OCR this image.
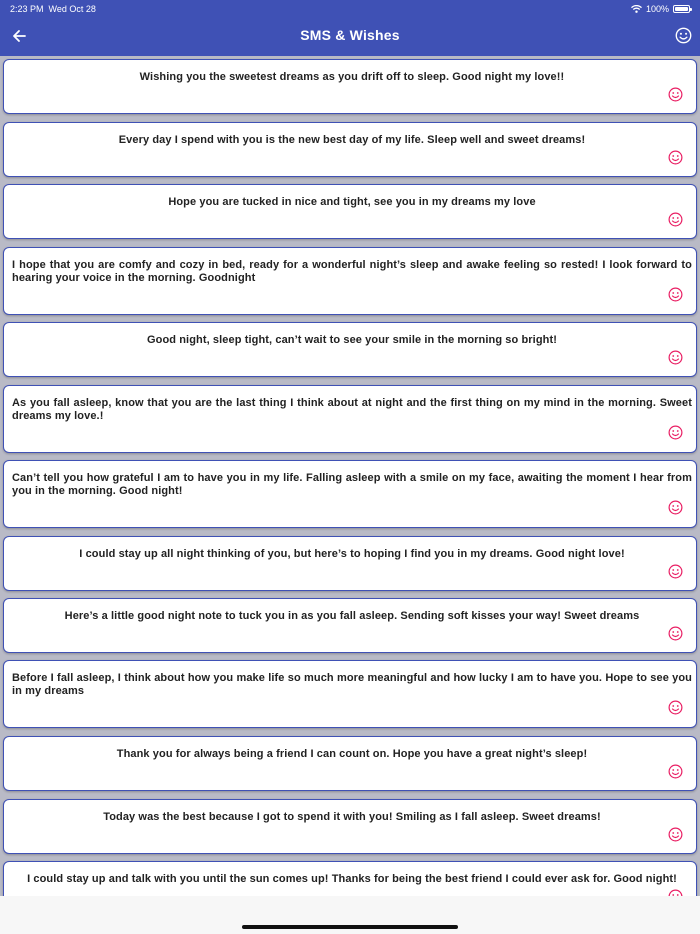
2:23 PM Wed Oct 28	100%
SMS & Wishes
Wishing you the sweetest dreams as you drift off to sleep. Good night my love!!
Every day I spend with you is the new best day of my life. Sleep well and sweet dreams!
Hope you are tucked in nice and tight, see you in my dreams my love
I hope that you are comfy and cozy in bed, ready for a wonderful night’s sleep and awake feeling so rested! I look forward to hearing your voice in the morning. Goodnight
Good night, sleep tight, can’t wait to see your smile in the morning so bright!
As you fall asleep, know that you are the last thing I think about at night and the first thing on my mind in the morning. Sweet dreams my love.!
Can’t tell you how grateful I am to have you in my life. Falling asleep with a smile on my face, awaiting the moment I hear from you in the morning. Good night!
I could stay up all night thinking of you, but here’s to hoping I find you in my dreams. Good night love!
Here’s a little good night note to tuck you in as you fall asleep. Sending soft kisses your way! Sweet dreams
Before I fall asleep, I think about how you make life so much more meaningful and how lucky I am to have you. Hope to see you in my dreams
Thank you for always being a friend I can count on. Hope you have a great night’s sleep!
Today was the best because I got to spend it with you! Smiling as I fall asleep. Sweet dreams!
I could stay up and talk with you until the sun comes up! Thanks for being the best friend I could ever ask for. Good night!
